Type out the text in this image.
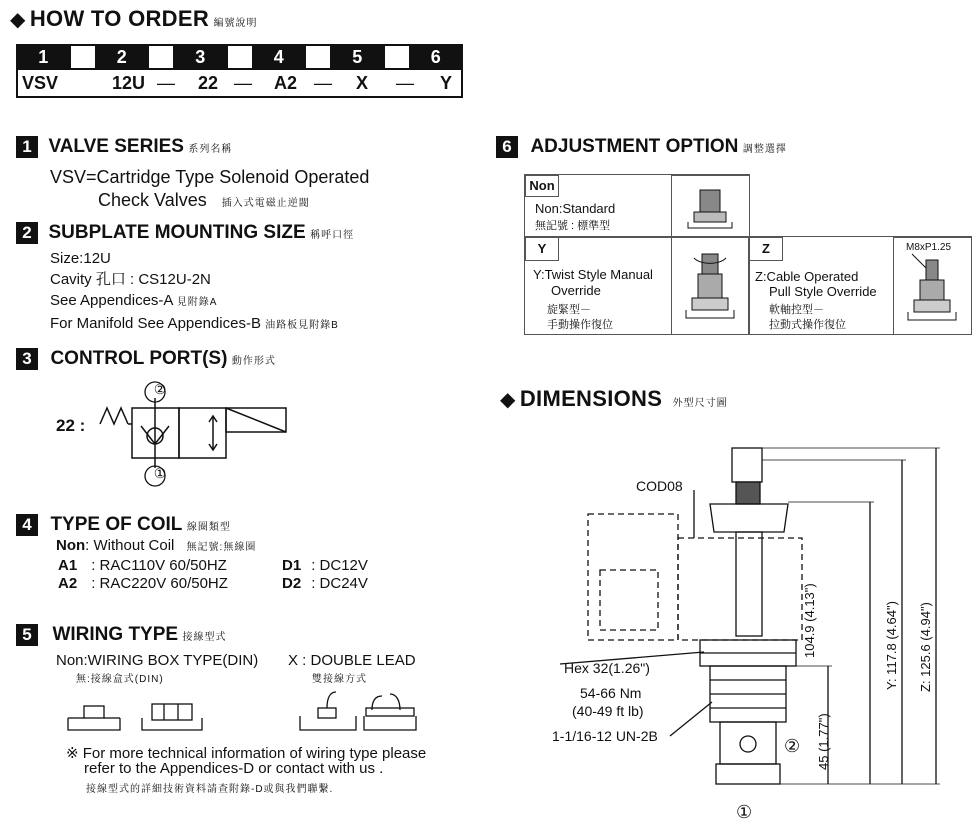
◆ HOW TO ORDER 編號說明
1		2		3		4		5		6

VSV	12U — 22 — A2 — X — Y
1 VALVE SERIES 系列名稱
VSV=Cartridge Type Solenoid Operated
Check Valves 插入式電磁止逆閥
2 SUBPLATE MOUNTING SIZE 稱呼口徑
Size:12U
Cavity 孔口 : CS12U-2N
See Appendices-A 見附錄A
For Manifold See Appendices-B 油路板見附錄B
3 CONTROL PORT(S) 動作形式
22 :
②
①
4 TYPE OF COIL 線圈類型
Non: Without Coil 無記號:無線圈
A1 : RAC110V 60/50HZ
A2 : RAC220V 60/50HZ
D1 : DC12V
D2 : DC24V
5 WIRING TYPE 接線型式
Non:WIRING BOX TYPE(DIN)
無:接線盒式(DIN)
X : DOUBLE LEAD
雙接線方式
※ For more technical information of wiring type please
refer to the Appendices-D or contact with us .
接線型式的詳細技術資料請查附錄-D或與我們聯繫.
6 ADJUSTMENT OPTION 調整選擇
Non
Non:Standard
無記號 : 標準型
Y
Y:Twist Style Manual
Override
旋緊型－
手動操作復位
Z
Z:Cable Operated
Pull Style Override
軟軸控型－
拉動式操作復位
M8xP1.25
◆ DIMENSIONS 外型尺寸圖
COD08
Hex 32(1.26")
54-66 Nm
(40-49 ft lb)
1-1/16-12 UN-2B	②
①
104.9 (4.13")	Y: 117.8 (4.64") Z: 125.6 (4.94")
45 (1.77")
